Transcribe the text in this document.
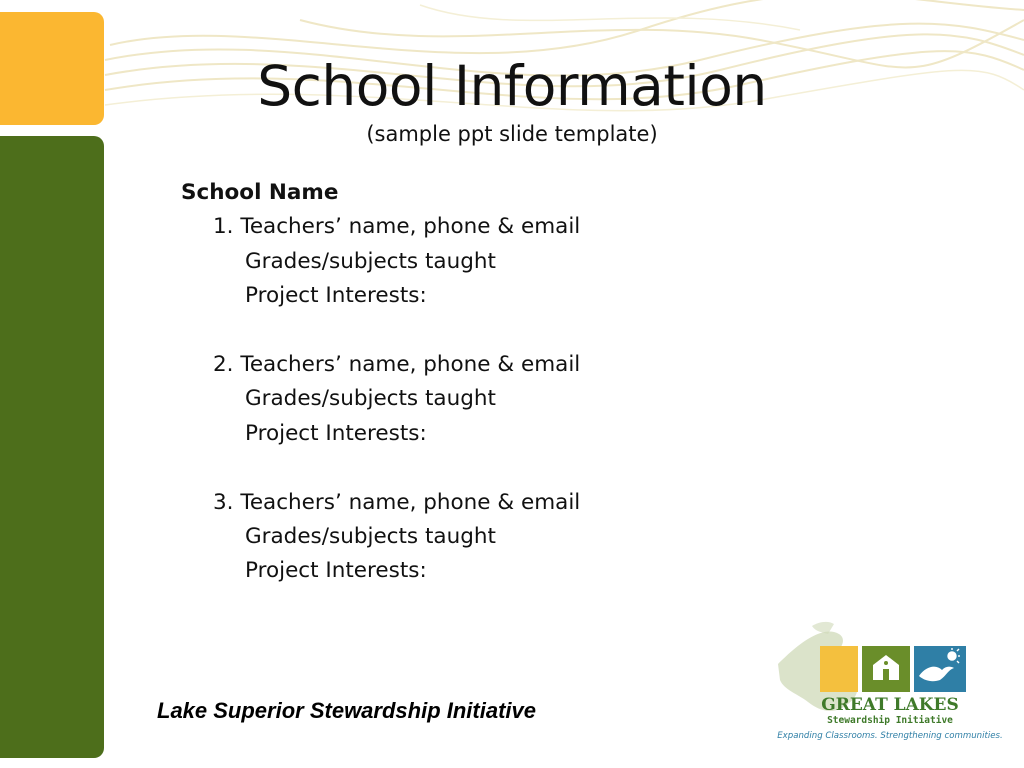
School Information
(sample ppt slide template)
School Name
1. Teachers’ name, phone & email
Grades/subjects taught
Project Interests:
2. Teachers’ name, phone & email
Grades/subjects taught
Project Interests:
3. Teachers’ name, phone & email
Grades/subjects taught
Project Interests:
Lake Superior Stewardship Initiative	GREAT LAKES
Stewardship Initiative
Expanding Classrooms. Strengthening communities.
